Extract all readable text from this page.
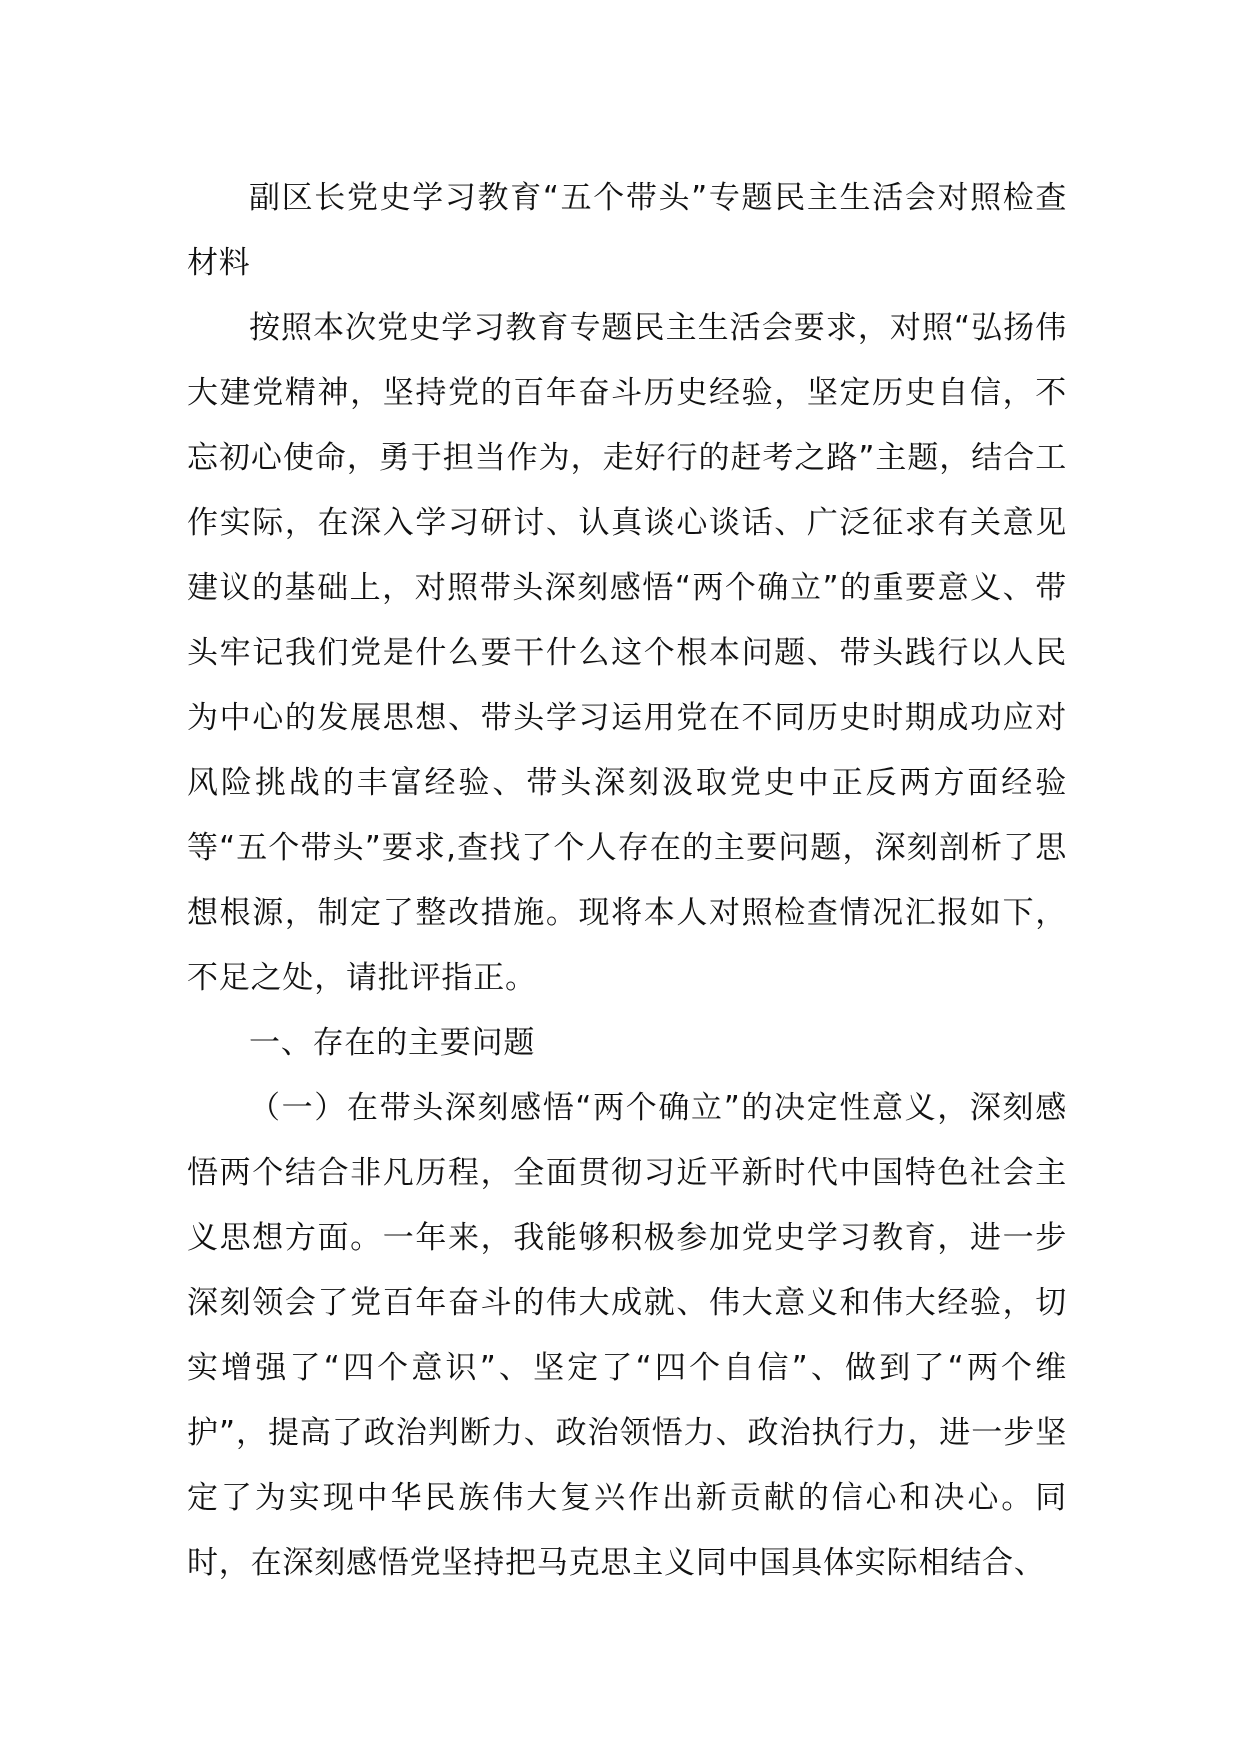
副区长党史学习教育“五个带头”专题民主生活会对照检查材料

按照本次党史学习教育专题民主生活会要求，对照“弘扬伟大建党精神，坚持党的百年奋斗历史经验，坚定历史自信，不忘初心使命，勇于担当作为，走好行的赶考之路”主题，结合工作实际，在深入学习研讨、认真谈心谈话、广泛征求有关意见建议的基础上，对照带头深刻感悟“两个确立”的重要意义、带头牢记我们党是什么要干什么这个根本问题、带头践行以人民为中心的发展思想、带头学习运用党在不同历史时期成功应对风险挑战的丰富经验、带头深刻汲取党史中正反两方面经验等“五个带头”要求,查找了个人存在的主要问题，深刻剖析了思想根源，制定了整改措施。现将本人对照检查情况汇报如下，不足之处，请批评指正。

一、存在的主要问题

（一）在带头深刻感悟“两个确立”的决定性意义，深刻感悟两个结合非凡历程，全面贯彻习近平新时代中国特色社会主义思想方面。一年来，我能够积极参加党史学习教育，进一步深刻领会了党百年奋斗的伟大成就、伟大意义和伟大经验，切实增强了“四个意识”、坚定了“四个自信”、做到了“两个维护”，提高了政治判断力、政治领悟力、政治执行力，进一步坚定了为实现中华民族伟大复兴作出新贡献的信心和决心。同时，在深刻感悟党坚持把马克思主义同中国具体实际相结合、
